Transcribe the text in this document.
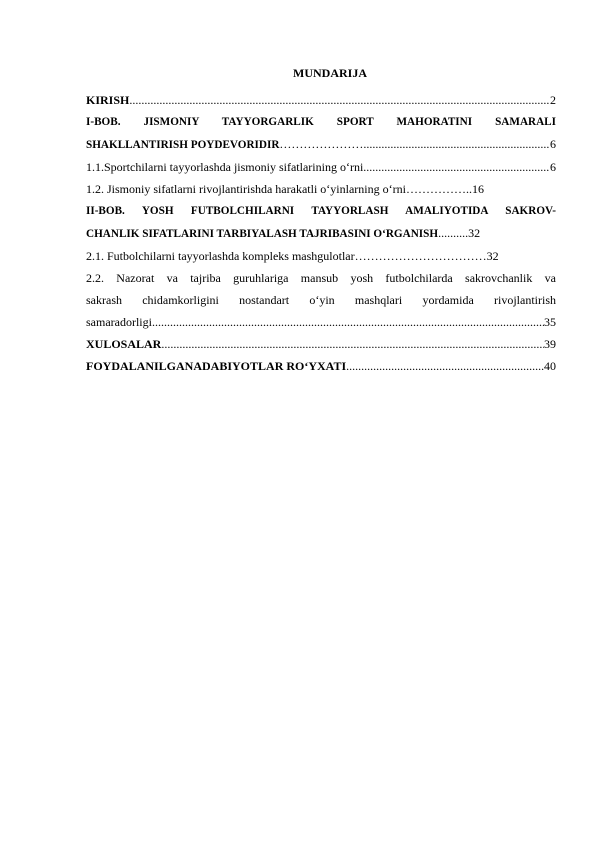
MUNDARIJA
KIRISH .....	2
I-BOB. JISMONIY TAYYORGARLIK SPORT MAHORATINI SAMARALI
SHAKLLANTIRISH POYDEVORIDIR …………………. .....	6
1.1.Sportchilarni tayyorlashda jismoniy sifatlarining o‘rni .....	6
1.2. Jismoniy sifatlarni rivojlantirishda harakatli o‘yinlarning o‘rni …………….. 16
II-BOB. YOSH FUTBOLCHILARNI TAYYORLASH AMALIYOTIDA SAKROV-
CHANLIK SIFATLARINI TARBIYALASH TAJRIBASINI O‘RGANISH .......... 32
2.1. Futbolchilarni tayyorlashda kompleks mashgulotlar …………………………… 32
2.2. Nazorat va tajriba guruhlariga mansub yosh futbolchilarda sakrovchanlik va
sakrash chidamkorligini nostandart o‘yin mashqlari yordamida rivojlantirish
samaradorligi .....	35
XULOSALAR .....	39
FOYDALANILGAN ADABIYOTLAR RO‘YXATI .....	40
